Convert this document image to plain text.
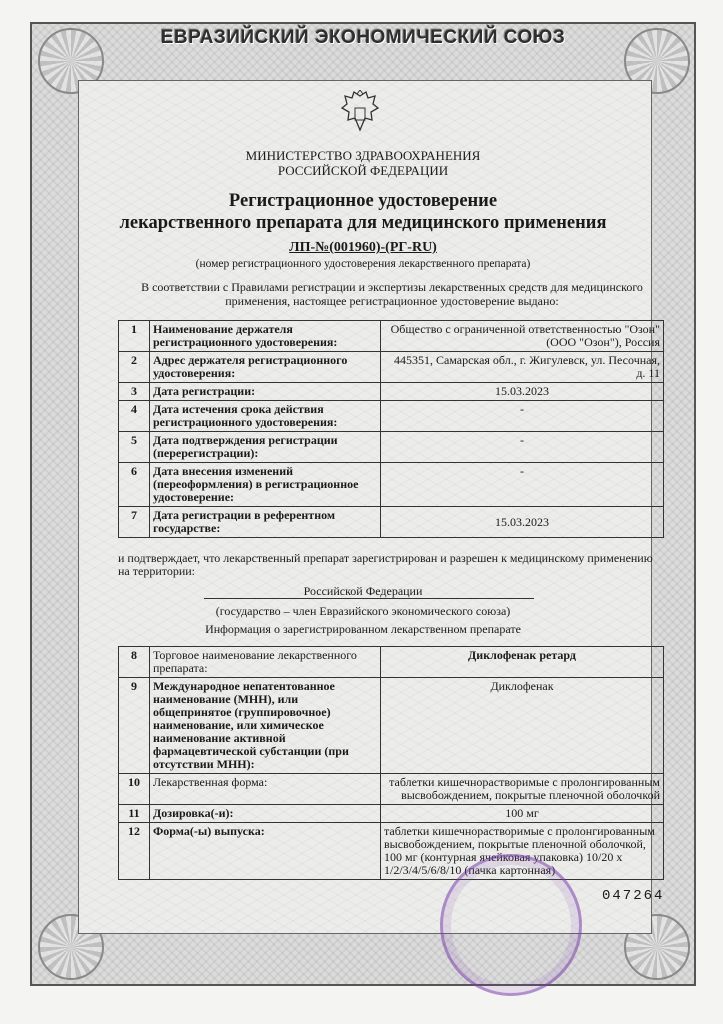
ЕВРАЗИЙСКИЙ ЭКОНОМИЧЕСКИЙ СОЮЗ
МИНИСТЕРСТВО ЗДРАВООХРАНЕНИЯ
РОССИЙСКОЙ ФЕДЕРАЦИИ
Регистрационное удостоверение
лекарственного препарата для медицинского применения
ЛП-№(001960)-(РГ-RU)
(номер регистрационного удостоверения лекарственного препарата)
В соответствии с Правилами регистрации и экспертизы лекарственных средств для медицинского применения, настоящее регистрационное удостоверение выдано:
1	Наименование держателя регистрационного удостоверения:	Общество с ограниченной ответственностью "Озон" (ООО "Озон"), Россия
2	Адрес держателя регистрационного удостоверения:	445351, Самарская обл., г. Жигулевск, ул. Песочная, д. 11
3	Дата регистрации:	15.03.2023
4	Дата истечения срока действия регистрационного удостоверения:	-
5	Дата подтверждения регистрации (перерегистрации):	-
6	Дата внесения изменений (переоформления) в регистрационное удостоверение:	-
7	Дата регистрации в референтном государстве:	15.03.2023
и подтверждает, что лекарственный препарат зарегистрирован и разрешен к медицинскому применению на территории:
Российской Федерации
(государство – член Евразийского экономического союза)
Информация о зарегистрированном лекарственном препарате
8	Торговое наименование лекарственного препарата:	Диклофенак ретард
9	Международное непатентованное наименование (МНН), или общепринятое (группировочное) наименование, или химическое наименование активной фармацевтической субстанции (при отсутствии МНН):	Диклофенак
10	Лекарственная форма:	таблетки кишечнорастворимые с пролонгированным высвобождением, покрытые пленочной оболочкой
11	Дозировка(-и):	100 мг
12	Форма(-ы) выпуска:	таблетки кишечнорастворимые с пролонгированным высвобождением, покрытые пленочной оболочкой, 100 мг (контурная ячейковая упаковка) 10/20 x 1/2/3/4/5/6/8/10 (пачка картонная)
047264
